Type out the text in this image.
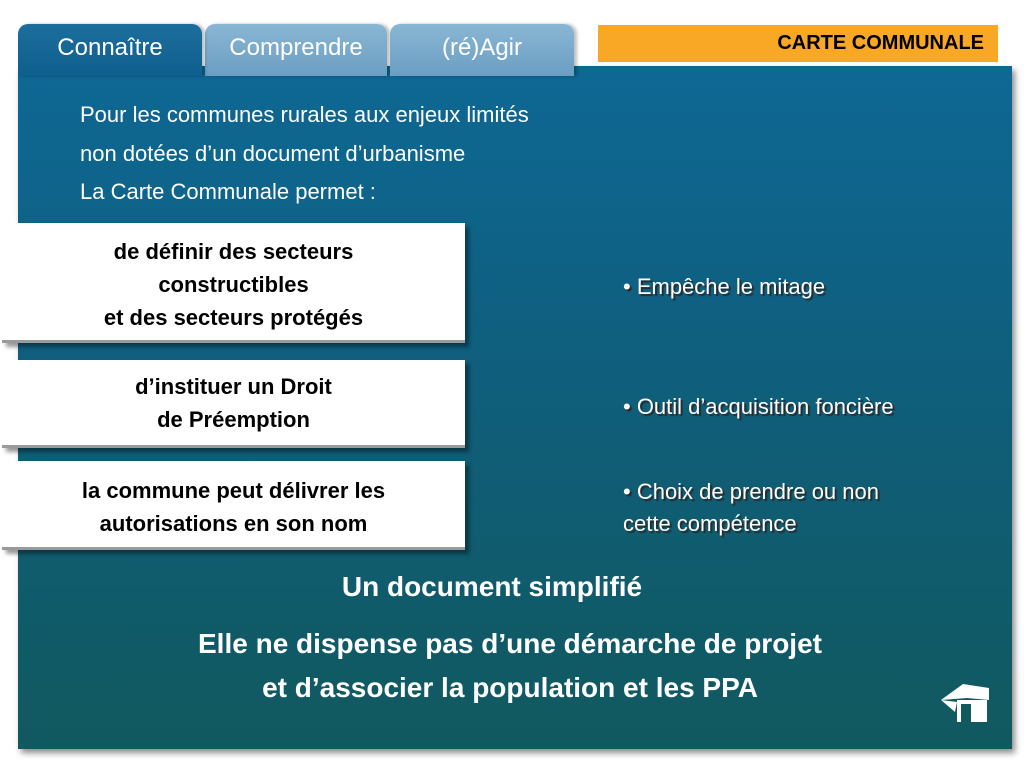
Connaître	Comprendre	(ré)Agir	CARTE COMMUNALE
Pour les communes rurales aux enjeux limités
non dotées d’un document d’urbanisme
La Carte Communale permet :
de définir des secteurs
constructibles
et des secteurs protégés
d’instituer un Droit
de Préemption
la commune peut délivrer les
autorisations en son nom
• Empêche le mitage
• Outil d’acquisition foncière
• Choix de prendre ou non
cette compétence
Un document simplifié
Elle ne dispense pas d’une démarche de projet
et d’associer la population et les PPA
